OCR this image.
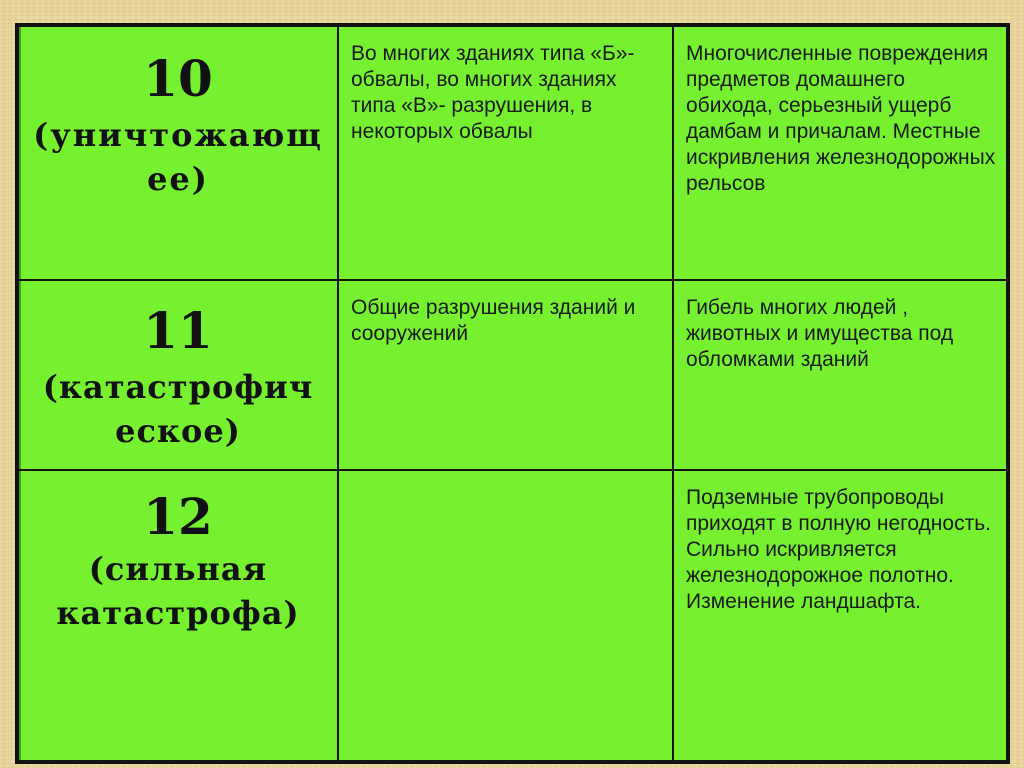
10
(уничтожающее)	Во многих зданиях типа «Б»- обвалы, во многих зданиях типа «В»- разрушения, в некоторых обвалы	Многочисленные повреждения предметов домашнего обихода, серьезный ущерб дамбам и причалам. Местные искривления железнодорожных рельсов

11
(катастрофическое)	Общие разрушения зданий и сооружений	Гибель многих людей , животных и имущества под обломками зданий

12
(сильная катастрофа)		Подземные трубопроводы приходят в полную негодность. Сильно искривляется железнодорожное полотно. Изменение ландшафта.
